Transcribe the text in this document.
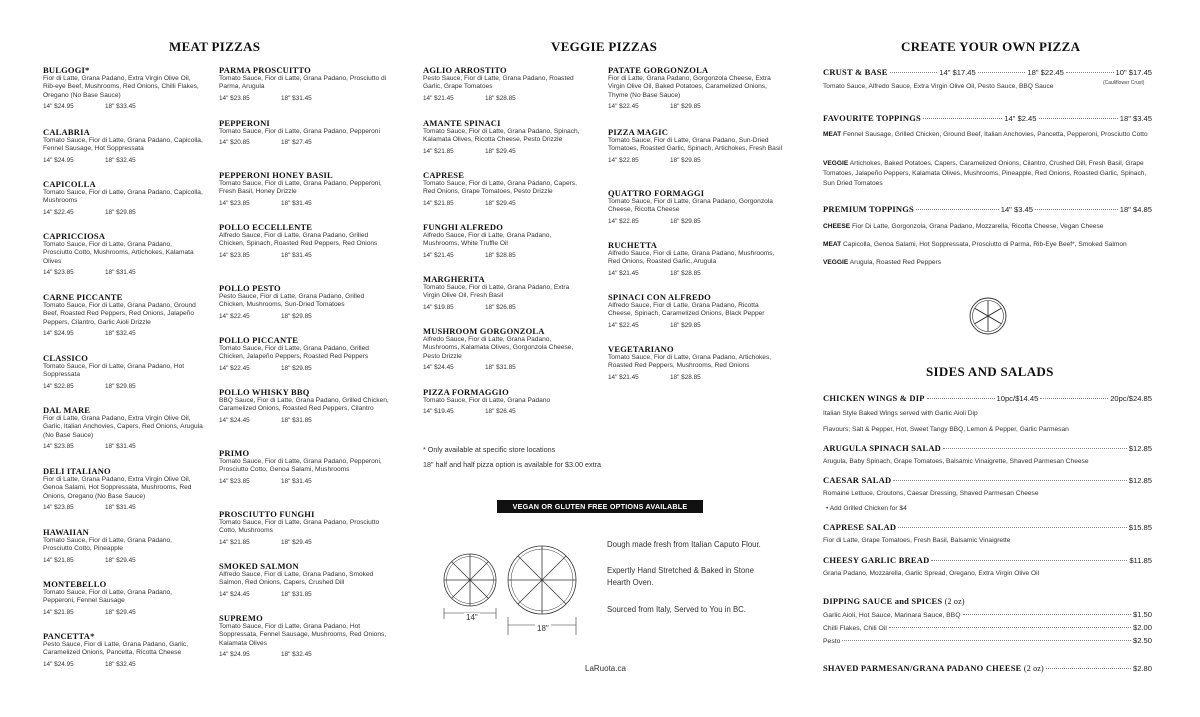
MEAT PIZZAS
BULGOGI*
Fior di Latte, Grana Padano, Extra Virgin Olive Oil, Rib-eye Beef, Mushrooms, Red Onions, Chilli Flakes, Oregano (No Base Sauce)
14" $24.95	18" $33.45
CALABRIA
Tomato Sauce, Fior di Latte, Grana Padano, Capicolla, Fennel Sausage, Hot Soppressata
14" $24.95	18" $32.45
CAPICOLLA
Tomato Sauce, Fior di Latte, Grana Padano, Capicolla, Mushrooms
14" $22.45	18" $29.85
CAPRICCIOSA
Tomato Sauce, Fior di Latte, Grana Padano, Prosciutto Cotto, Mushrooms, Artichokes, Kalamata Olives
14" $23.85	18" $31.45
CARNE PICCANTE
Tomato Sauce, Fior di Latte, Grana Padano, Ground Beef, Roasted Red Peppers, Red Onions, Jalapeño Peppers, Cilantro, Garlic Aioli Drizzle
14" $24.95	18" $32.45
CLASSICO
Tomato Sauce, Fior di Latte, Grana Padano, Hot Soppressata
14" $22.85	18" $29.85
DAL MARE
Fior di Latte, Grana Padano, Extra Virgin Olive Oil, Garlic, Italian Anchovies, Capers, Red Onions, Arugula (No Base Sauce)
14" $23.85	18" $31.45
DELI ITALIANO
Fior di Latte, Grana Padano, Extra Virgin Olive Oil, Genoa Salami, Hot Soppressata, Mushrooms, Red Onions, Oregano (No Base Sauce)
14" $23.85	18" $31.45
HAWAIIAN
Tomato Sauce, Fior di Latte, Grana Padano, Prosciutto Cotto, Pineapple
14" $21.85	18" $29.45
MONTEBELLO
Tomato Sauce, Fior di Latte, Grana Padano, Pepperoni, Fennel Sausage
14" $21.85	18" $29.45
PANCETTA*
Pesto Sauce, Fior di Latte, Grana Padano, Garlic, Caramelized Onions, Pancetta, Ricotta Cheese
14" $24.95	18" $32.45
PARMA PROSCUITTO
Tomato Sauce, Fior di Latte, Grana Padano, Prosciutto di Parma, Arugula
14" $23.85	18" $31.45
PEPPERONI
Tomato Sauce, Fior di Latte, Grana Padano, Pepperoni
14" $20.85	18" $27.45
PEPPERONI HONEY BASIL
Tomato Sauce, Fior di Latte, Grana Padano, Pepperoni, Fresh Basil, Honey Drizzle
14" $23.85	18" $31.45
POLLO ECCELLENTE
Alfredo Sauce, Fior di Latte, Grana Padano, Grilled Chicken, Spinach, Roasted Red Peppers, Red Onions
14" $23.85	18" $31.45
POLLO PESTO
Pesto Sauce, Fior di Latte, Grana Padano, Grilled Chicken, Mushrooms, Sun-Dried Tomatoes
14" $22.45	18" $29.85
POLLO PICCANTE
Tomato Sauce, Fior di Latte, Grana Padano, Grilled Chicken, Jalapeño Peppers, Roasted Red Peppers
14" $22.45	18" $29.85
POLLO WHISKY BBQ
BBQ Sauce, Fior di Latte, Grana Padano, Grilled Chicken, Caramelized Onions, Roasted Red Peppers, Cilantro
14" $24.45	18" $31.85
PRIMO
Tomato Sauce, Fior di Latte, Grana Padano, Pepperoni, Prosciutto Cotto, Genoa Salami, Mushrooms
14" $23.85	18" $31.45
PROSCIUTTO FUNGHI
Tomato Sauce, Fior di Latte, Grana Padano, Prosciutto Cotto, Mushrooms
14" $21.85	18" $29.45
SMOKED SALMON
Alfredo Sauce, Fior di Latte, Grana Padano, Smoked Salmon, Red Onions, Capers, Crushed Dill
14" $24.45	18" $31.85
SUPREMO
Tomato Sauce, Fior di Latte, Grana Padano, Hot Soppressata, Fennel Sausage, Mushrooms, Red Onions, Kalamata Olives
14" $24.95	18" $32.45
AGLIO ARROSTITO
Pesto Sauce, Fior di Latte, Grana Padano, Roasted Garlic, Grape Tomatoes
14" $21.45	18" $28.85
AMANTE SPINACI
Tomato Sauce, Fior di Latte, Grana Padano, Spinach, Kalamata Olives, Ricotta Cheese, Pesto Drizzle
14" $21.85	18" $29.45
CAPRESE
Tomato Sauce, Fior di Latte, Grana Padano, Capers, Red Onions, Grape Tomatoes, Pesto Drizzle
14" $21.85	18" $29.45
FUNGHI ALFREDO
Alfredo Sauce, Fior di Latte, Grana Padano, Mushrooms, White Truffle Oil
14" $21.45	18" $28.85
MARGHERITA
Tomato Sauce, Fior di Latte, Grana Padano, Extra Virgin Olive Oil, Fresh Basil
14" $19.85	18" $26.85
MUSHROOM GORGONZOLA
Alfredo Sauce, Fior di Latte, Grana Padano, Mushrooms, Kalamata Olives, Gorgonzola Cheese, Pesto Drizzle
14" $24.45	18" $31.85
PIZZA FORMAGGIO
Tomato Sauce, Fior di Latte, Grana Padano
14" $19.45	18" $26.45
PATATE GORGONZOLA
Fior di Latte, Grana Padano, Gorgonzola Cheese, Extra Virgin Olive Oil, Baked Potatoes, Caramelized Onions, Thyme (No Base Sauce)
14" $22.45	18" $29.85
PIZZA MAGIC
Tomato Sauce, Fior di Latte, Grana Padano, Sun-Dried Tomatoes, Roasted Garlic, Spinach, Artichokes, Fresh Basil
14" $22.85	18" $29.85
QUATTRO FORMAGGI
Tomato Sauce, Fior di Latte, Grana Padano, Gorgonzola Cheese, Ricotta Cheese
14" $22.85	18" $29.85
RUCHETTA
Alfredo Sauce, Fior di Latte, Grana Padano, Mushrooms, Red Onions, Roasted Garlic, Arugula
14" $21.45	18" $28.85
SPINACI CON ALFREDO
Alfredo Sauce, Fior di Latte, Grana Padano, Ricotta Cheese, Spinach, Caramelized Onions, Black Pepper
14" $22.45	18" $29.85
VEGETARIANO
Tomato Sauce, Fior di Latte, Grana Padano, Artichokes, Roasted Red Peppers, Mushrooms, Red Onions
14" $21.45	18" $28.85
VEGGIE PIZZAS
* Only available at specific store locations
18" half and half pizza option is available for $3.00 extra
VEGAN OR GLUTEN FREE OPTIONS AVAILABLE
14"
18"
Dough made fresh from Italian Caputo Flour.
Expertly Hand Stretched & Baked in Stone
Hearth Oven.
Sourced from Italy, Served to You in BC.
LaRuota.ca
CREATE YOUR OWN PIZZA
CRUST & BASE	14" $17.45	18" $22.45	10" $17.45
Tomato Sauce, Alfredo Sauce, Extra Virgin Olive Oil, Pesto Sauce, BBQ Sauce	(Cauliflower Crust)
FAVOURITE TOPPINGS	14" $2.45	18" $3.45
MEAT Fennel Sausage, Grilled Chicken, Ground Beef, Italian Anchovies, Pancetta, Pepperoni, Prosciutto Cotto
VEGGIE Artichokes, Baked Potatoes, Capers, Caramelized Onions, Cilantro, Crushed Dill, Fresh Basil, Grape Tomatoes, Jalapeño Peppers, Kalamata Olives, Mushrooms, Pineapple, Red Onions, Roasted Garlic, Spinach, Sun Dried Tomatoes
PREMIUM TOPPINGS	14" $3.45	18" $4.85
CHEESE Fior Di Latte, Gorgonzola, Grana Padano, Mozzarella, Ricotta Cheese, Vegan Cheese
MEAT Capicolla, Genoa Salami, Hot Soppressata, Prosciutto di Parma, Rib-Eye Beef*, Smoked Salmon
VEGGIE Arugula, Roasted Red Peppers
SIDES AND SALADS
CHICKEN WINGS & DIP	10pc/$14.45	20pc/$24.85
Italian Style Baked Wings served with Garlic Aioli Dip
Flavours; Salt & Pepper, Hot, Sweet Tangy BBQ, Lemon & Pepper, Garlic Parmesan
ARUGULA SPINACH SALAD	$12.85
Arugula, Baby Spinach, Grape Tomatoes, Balsamic Vinaigrette, Shaved Parmesan Cheese
CAESAR SALAD	$12.85
Romaine Lettuce, Croutons, Caesar Dressing, Shaved Parmesan Cheese
• Add Grilled Chicken for $4
CAPRESE SALAD	$15.85
Fior di Latte, Grape Tomatoes, Fresh Basil, Balsamic Vinaigrette
CHEESY GARLIC BREAD	$11.85
Grana Padano, Mozzarella, Garlic Spread, Oregano, Extra Virgin Olive Oil
DIPPING SAUCE and SPICES (2 oz)
Garlic Aioli, Hot Sauce, Marinara Sauce, BBQ	$1.50
Chilli Flakes, Chili Oil	$2.00
Pesto	$2.50
SHAVED PARMESAN/GRANA PADANO CHEESE (2 oz)	$2.80
